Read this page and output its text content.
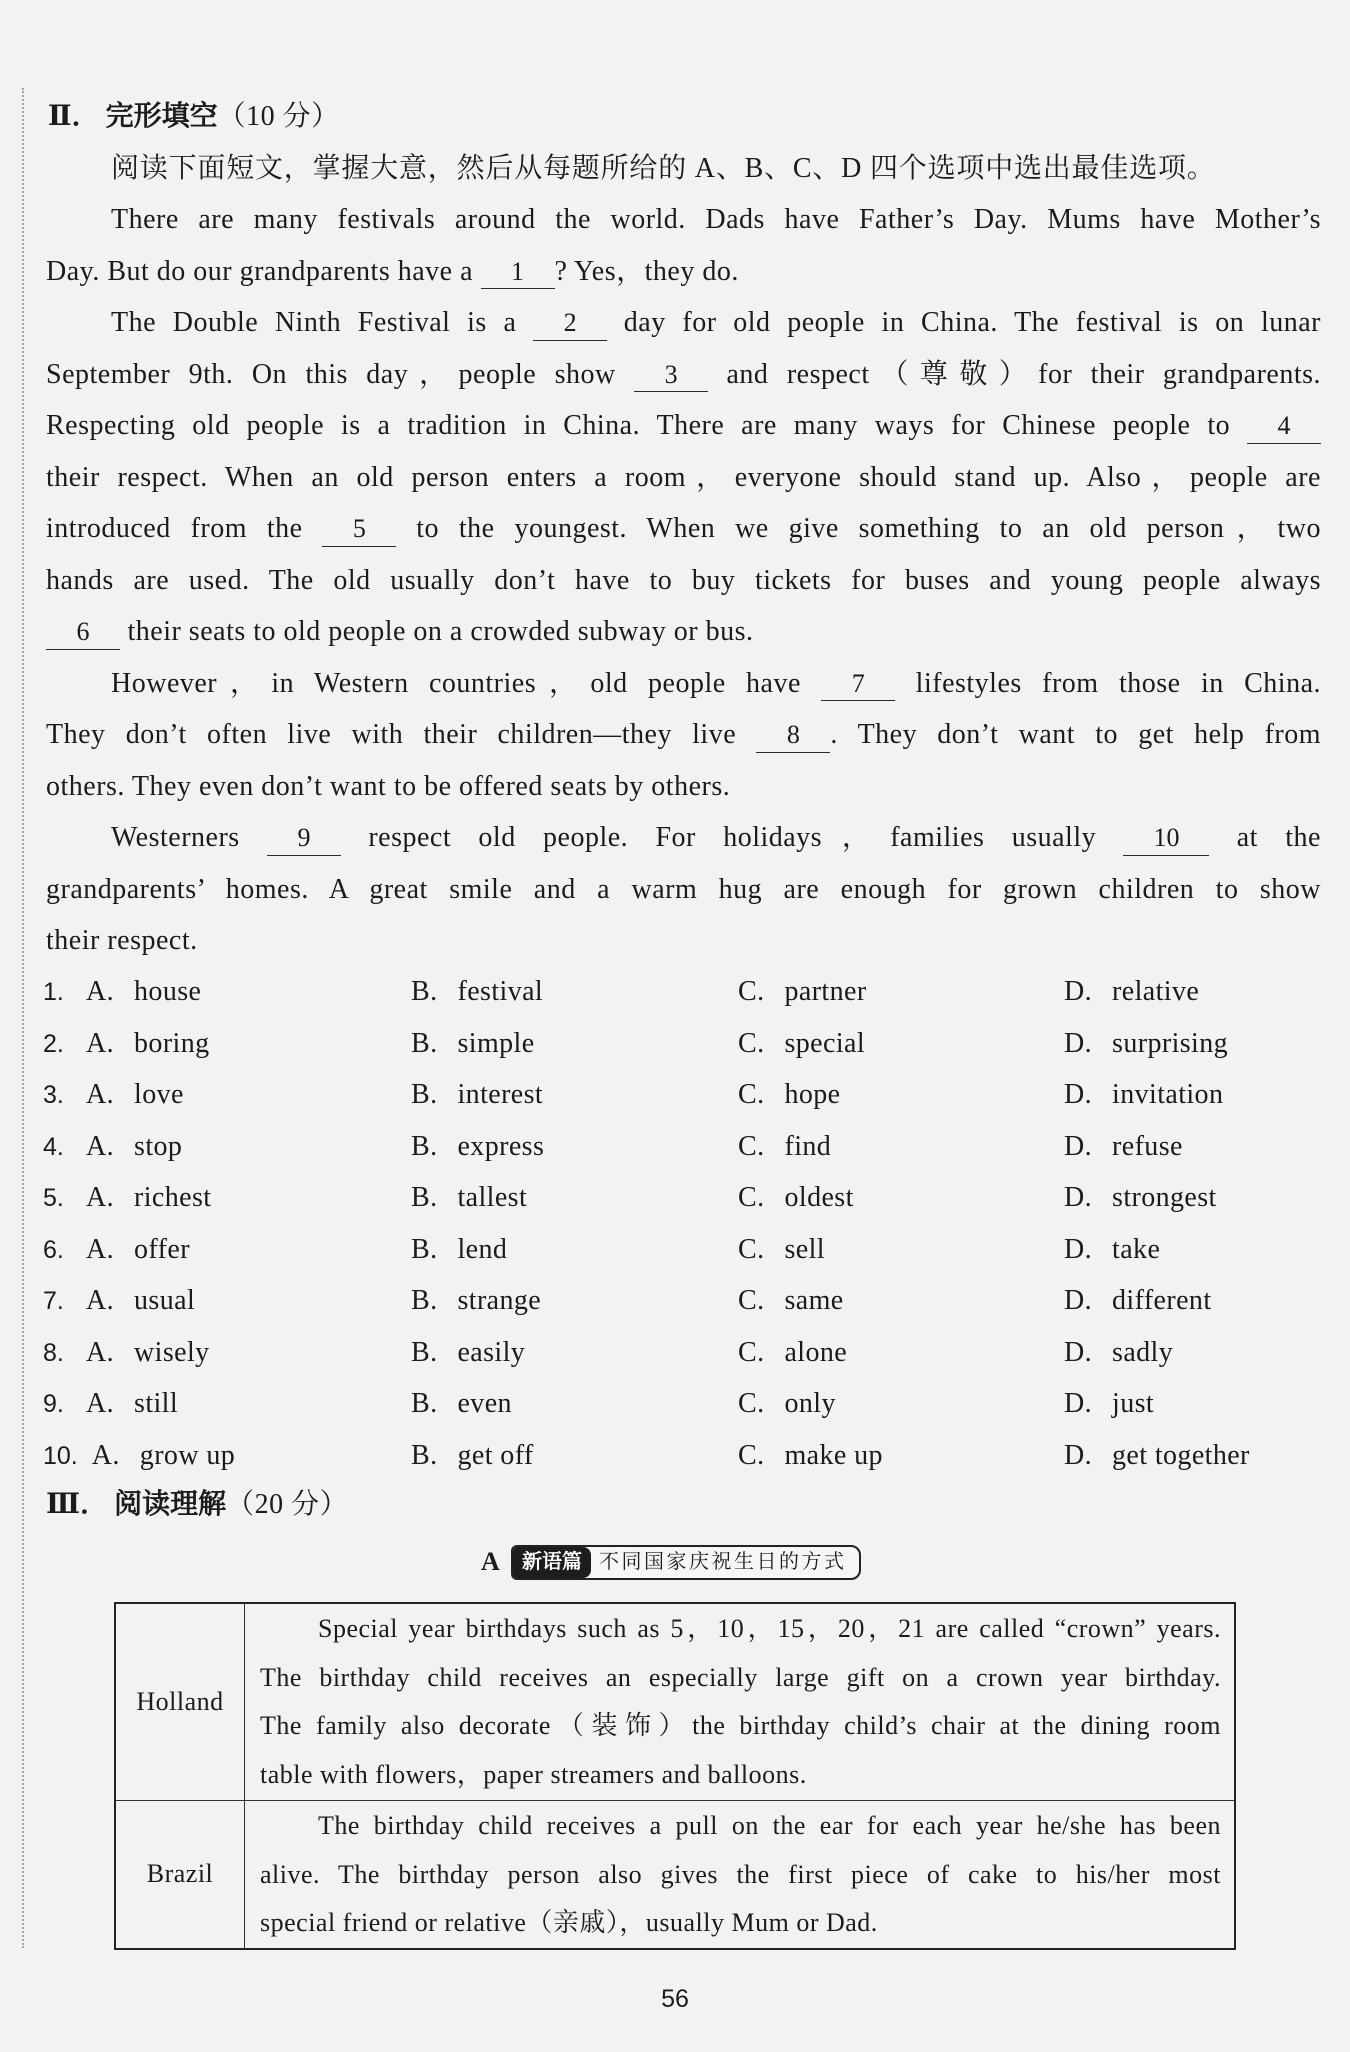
Ⅱ． 完形填空（10 分）
阅读下面短文，掌握大意，然后从每题所给的 A、B、C、D 四个选项中选出最佳选项。
There are many festivals around the world. Dads have Father’s Day. Mums have Mother’s
Day. But do our grandparents have a 1 ? Yes，they do.
The Double Ninth Festival is a 2 day for old people in China. The festival is on lunar
September 9th. On this day，people show 3 and respect（尊敬）for their grandparents.
Respecting old people is a tradition in China. There are many ways for Chinese people to 4
their respect. When an old person enters a room，everyone should stand up. Also，people are
introduced from the 5 to the youngest. When we give something to an old person，two
hands are used. The old usually don’t have to buy tickets for buses and young people always
6 their seats to old people on a crowded subway or bus.
However，in Western countries，old people have 7 lifestyles from those in China.
They don’t often live with their children—they live 8 . They don’t want to get help from
others. They even don’t want to be offered seats by others.
Westerners 9 respect old people. For holidays，families usually 10 at the
grandparents’ homes. A great smile and a warm hug are enough for grown children to show
their respect.
1. A. house	B. festival	C. partner	D. relative
2. A. boring	B. simple	C. special	D. surprising
3. A. love	B. interest	C. hope	D. invitation
4. A. stop	B. express	C. find	D. refuse
5. A. richest	B. tallest	C. oldest	D. strongest
6. A. offer	B. lend	C. sell	D. take
7. A. usual	B. strange	C. same	D. different
8. A. wisely	B. easily	C. alone	D. sadly
9. A. still	B. even	C. only	D. just
10. A. grow up	B. get off	C. make up	D. get together
Ⅲ． 阅读理解（20 分）
A	新语篇 不同国家庆祝生日的方式
Holland	Special year birthdays such as 5，10，15，20，21 are called “crown” years.
The birthday child receives an especially large gift on a crown year birthday.
The family also decorate（装饰）the birthday child’s chair at the dining room
table with flowers，paper streamers and balloons.

Brazil	The birthday child receives a pull on the ear for each year he/she has been
alive. The birthday person also gives the first piece of cake to his/her most
special friend or relative（亲戚），usually Mum or Dad.
56
